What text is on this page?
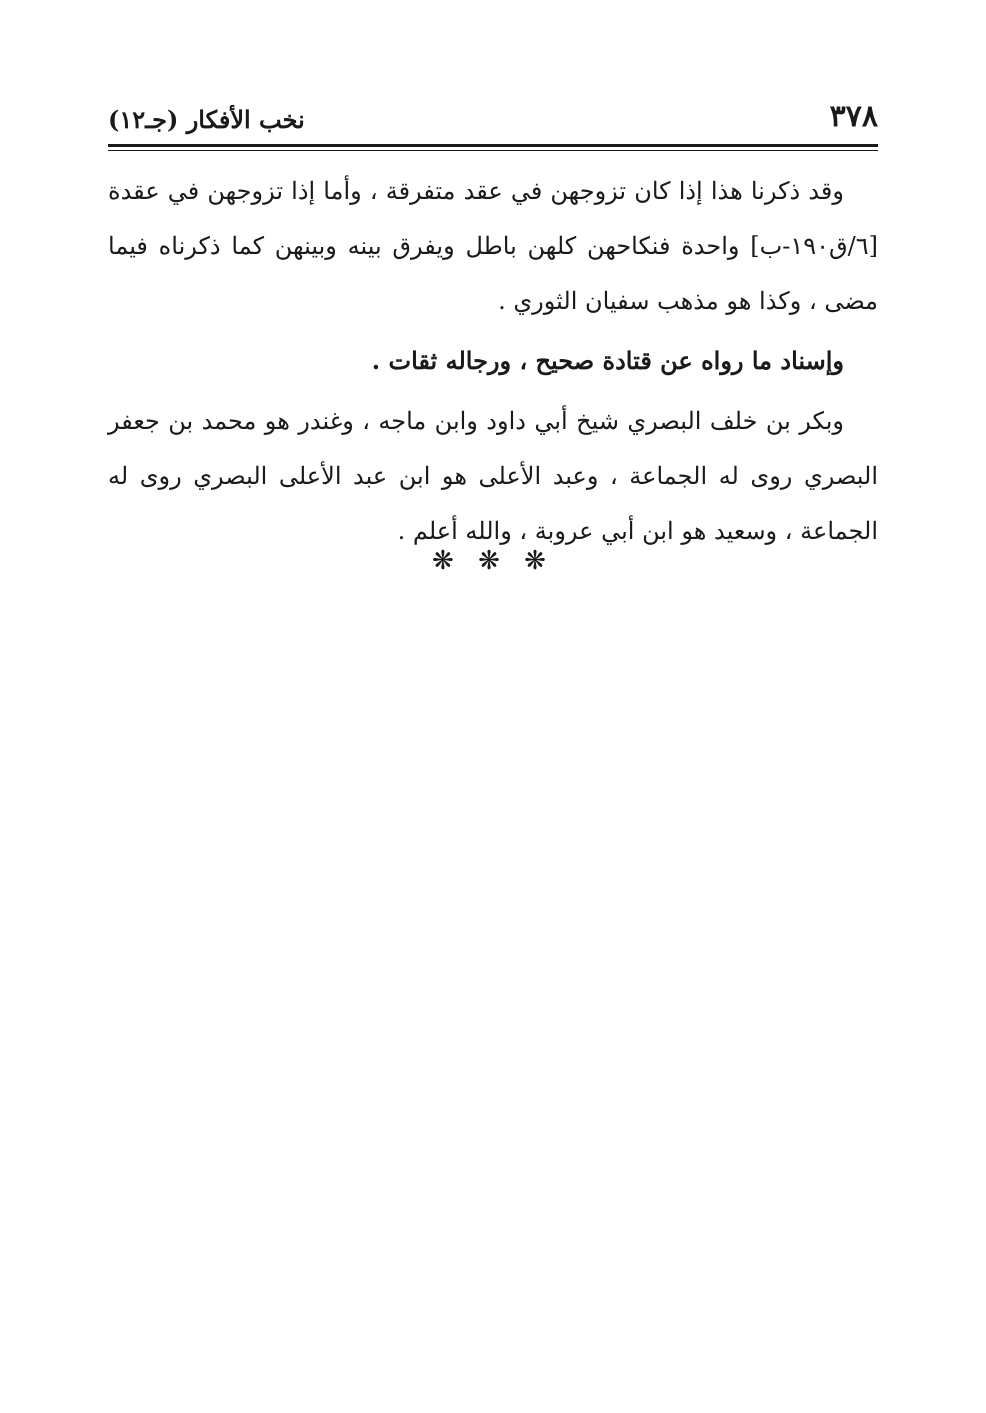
٣٧٨
نخب الأفكار (جـ١٢)

وقد ذكرنا هذا إذا كان تزوجهن في عقد متفرقة ، وأما إذا تزوجهن في عقدة [٦/ق١٩٠-ب] واحدة فنكاحهن كلهن باطل ويفرق بينه وبينهن كما ذكرناه فيما مضى ، وكذا هو مذهب سفيان الثوري .

وإسناد ما رواه عن قتادة صحيح ، ورجاله ثقات .

وبكر بن خلف البصري شيخ أبي داود وابن ماجه ، وغندر هو محمد بن جعفر البصري روى له الجماعة ، وعبد الأعلى هو ابن عبد الأعلى البصري روى له الجماعة ، وسعيد هو ابن أبي عروبة ، والله أعلم .

❋ ❋ ❋
